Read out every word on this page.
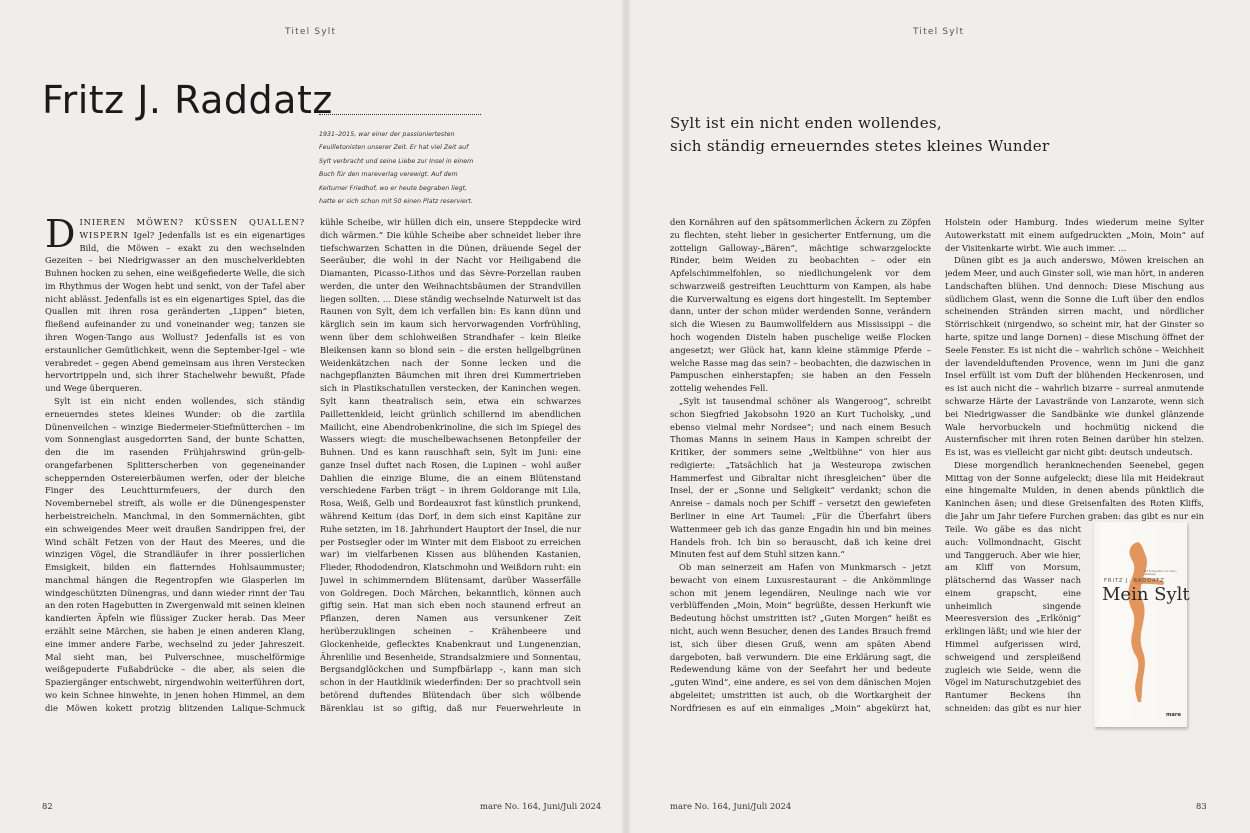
Titel Sylt	Titel Sylt
Fritz J. Raddatz
1931–2015, war einer der passioniertesten Feuilletonisten unserer Zeit. Er hat viel Zeit auf Sylt verbracht und seine Liebe zur Insel in einem Buch für den mareverlag verewigt. Auf dem Keitumer Friedhof, wo er heute begraben liegt, hatte er sich schon mit 50 einen Platz reserviert.
Sylt ist ein nicht enden wollendes,
sich ständig erneuerndes stetes kleines Wunder

DINIEREN MÖWEN? KÜSSEN QUALLEN? WISPERN Igel? Jedenfalls ist es ein eigenartiges Bild, die Möwen – exakt zu den wechselnden Gezeiten – bei Niedrigwasser an den muschelverklebten Buhnen hocken zu sehen, eine weißgefiederte Welle, die sich im Rhythmus der Wogen hebt und senkt, von der Tafel aber nicht ablässt. Jedenfalls ist es ein eigenartiges Spiel, das die Quallen mit ihren rosa geränderten „Lippen“ bieten, fließend aufeinander zu und voneinander weg; tanzen sie ihren Wogen-Tango aus Wollust? Jedenfalls ist es von erstaunlicher Gemütlichkeit, wenn die September-Igel – wie verabredet – gegen Abend gemeinsam aus ihren Verstecken hervortrippeln und, sich ihrer Stachelwehr bewußt, Pfade und Wege überqueren.

Sylt ist ein nicht enden wollendes, sich ständig erneuerndes stetes kleines Wunder: ob die zartlila Dünenveilchen – winzige Biedermeier-Stiefmütterchen – im vom Sonnenglast ausgedorrten Sand, der bunte Schatten, den die im rasenden Frühjahrswind grün-gelb-orangefarbenen Splitterscherben von gegeneinander scheppernden Ostereierbäumen werfen, oder der bleiche Finger des Leuchtturmfeuers, der durch den Novembernebel streift, als wolle er die Dünengespenster herbeistreicheln. Manchmal, in den Sommernächten, gibt ein schweigendes Meer weit draußen Sandrippen frei, der Wind schält Fetzen von der Haut des Meeres, und die winzigen Vögel, die Strandläufer in ihrer possierlichen Emsigkeit, bilden ein flatterndes Hohlsaummuster; manchmal hängen die Regentropfen wie Glasperlen im windgeschützten Dünengras, und dann wieder rinnt der Tau an den roten Hagebutten in Zwergenwald mit seinen kleinen kandierten Äpfeln wie flüssiger Zucker herab. Das Meer erzählt seine Märchen, sie haben je einen anderen Klang, eine immer andere Farbe, wechselnd zu jeder Jahreszeit. Mal sieht man, bei Pulverschnee, muschelförmige weißgepuderte Fußabdrücke – die aber, als seien die Spaziergänger entschwebt, nirgendwohin weiterführen dort, wo kein Schnee hinwehte, in jenen hohen Himmel, an dem die Möwen kokett protzig blitzenden Lalique-Schmuck

kühle Scheibe, wir hüllen dich ein, unsere Steppdecke wird dich wärmen.“ Die kühle Scheibe aber schneidet lieber ihre tiefschwarzen Schatten in die Dünen, dräuende Segel der Seeräuber, die wohl in der Nacht vor Heiligabend die Diamanten, Picasso-Lithos und das Sèvre-Porzellan rauben werden, die unter den Weihnachtsbäumen der Strandvillen liegen sollten. … Diese ständig wechselnde Naturwelt ist das Raunen von Sylt, dem ich verfallen bin: Es kann dünn und kärglich sein im kaum sich hervorwagenden Vorfrühling, wenn über dem schlohweißen Strandhafer – kein Bleike Bleikensen kann so blond sein – die ersten hellgelbgrünen Weidenkätzchen nach der Sonne lecken und die nachgepflanzten Bäumchen mit ihren drei Kummertrieben sich in Plastikschatullen verstecken, der Kaninchen wegen. Sylt kann theatralisch sein, etwa ein schwarzes Paillettenkleid, leicht grünlich schillernd im abendlichen Mailicht, eine Abendrobenkrinoline, die sich im Spiegel des Wassers wiegt: die muschelbewachsenen Betonpfeiler der Buhnen. Und es kann rauschhaft sein, Sylt im Juni: eine ganze Insel duftet nach Rosen, die Lupinen – wohl außer Dahlien die einzige Blume, die an einem Blütenstand verschiedene Farben trägt – in ihrem Goldorange mit Lila, Rosa, Weiß, Gelb und Bordeauxrot fast künstlich prunkend, während Keitum (das Dorf, in dem sich einst Kapitäne zur Ruhe setzten, im 18. Jahrhundert Hauptort der Insel, die nur per Postsegler oder im Winter mit dem Eisboot zu erreichen war) im vielfarbenen Kissen aus blühenden Kastanien, Flieder, Rhododendron, Klatschmohn und Weißdorn ruht: ein Juwel in schimmerndem Blütensamt, darüber Wasserfälle von Goldregen. Doch Märchen, bekanntlich, können auch giftig sein. Hat man sich eben noch staunend erfreut an Pflanzen, deren Namen aus versunkener Zeit herüberzuklingen scheinen – Krähenbeere und Glockenheide, geflecktes Knabenkraut und Lungenenzian, Ährenlilie und Besenheide, Strandsalzmiere und Sonnentau, Bergsandglöckchen und Sumpfbärlapp –, kann man sich schon in der Hautklinik wiederfinden: Der so prachtvoll sein betörend duftendes Blütendach über sich wölbende Bärenklau ist so giftig, daß nur Feuerwehrleute in

den Kornähren auf den spätsommerlichen Äckern zu Zöpfen zu flechten, steht lieber in gesicherter Entfernung, um die zottelign Galloway-„Bären“, mächtige schwarzgelockte Rinder, beim Weiden zu beobachten – oder ein Apfelschimmelfohlen, so niedlichungelenk vor dem schwarzweiß gestreiften Leuchtturm von Kampen, als habe die Kurverwaltung es eigens dort hingestellt. Im September dann, unter der schon müder werdenden Sonne, verändern sich die Wiesen zu Baumwollfeldern aus Mississippi – die hoch wogenden Disteln haben puschelige weiße Flocken angesetzt; wer Glück hat, kann kleine stämmige Pferde – welche Rasse mag das sein? – beobachten, die dazwischen in Pampuschen einherstapfen; sie haben an den Fesseln zottelig wehendes Fell.

„Sylt ist tausendmal schöner als Wangeroog“, schreibt schon Siegfried Jakobsohn 1920 an Kurt Tucholsky, „und ebenso vielmal mehr Nordsee“; und nach einem Besuch Thomas Manns in seinem Haus in Kampen schreibt der Kritiker, der sommers seine „Weltbühne“ von hier aus redigierte: „Tatsächlich hat ja Westeuropa zwischen Hammerfest und Gibraltar nicht ihresgleichen“ über die Insel, der er „Sonne und Seligkeit“ verdankt; schon die Anreise – damals noch per Schiff – versetzt den gewiefeten Berliner in eine Art Taumel: „Für die Überfahrt übers Wattenmeer geb ich das ganze Engadin hin und bin meines Handels froh. Ich bin so berauscht, daß ich keine drei Minuten fest auf dem Stuhl sitzen kann.“

Ob man seinerzeit am Hafen von Munkmarsch – jetzt bewacht von einem Luxusrestaurant – die Ankömmlinge schon mit jenem legendären, Neulinge nach wie vor verblüffenden „Moin, Moin“ begrüßte, dessen Herkunft wie Bedeutung höchst umstritten ist? „Guten Morgen“ heißt es nicht, auch wenn Besucher, denen des Landes Brauch fremd ist, sich über diesen Gruß, wenn am späten Abend dargeboten, baß verwundern. Die eine Erklärung sagt, die Redewendung käme von der Seefahrt her und bedeute „guten Wind“, eine andere, es sei von dem dänischen Mojen abgeleitet; umstritten ist auch, ob die Wortkargheit der Nordfriesen es auf ein einmaliges „Moin“ abgekürzt hat,

Holstein oder Hamburg. Indes wiederum meine Sylter Autowerkstatt mit einem aufgedruckten „Moin, Moin“ auf der Visitenkarte wirbt. Wie auch immer. …

Dünen gibt es ja auch anderswo, Möwen kreischen an jedem Meer, und auch Ginster soll, wie man hört, in anderen Landschaften blühen. Und dennoch: Diese Mischung aus südlichem Glast, wenn die Sonne die Luft über den endlos scheinenden Stränden sirren macht, und nördlicher Störrischkeit (nirgendwo, so scheint mir, hat der Ginster so harte, spitze und lange Dornen) – diese Mischung öffnet der Seele Fenster. Es ist nicht die – wahrlich schöne – Weichheit der lavendelduftenden Provence, wenn im Juni die ganz Insel erfüllt ist vom Duft der blühenden Heckenrosen, und es ist auch nicht die – wahrlich bizarre – surreal anmutende schwarze Härte der Lavastrände von Lanzarote, wenn sich bei Niedrigwasser die Sandbänke wie dunkel glänzende Wale hervorbuckeln und hochmütig nickend die Austernfischer mit ihren roten Beinen darüber hin stelzen. Es ist, was es vielleicht gar nicht gibt: deutsch undeutsch.

Diese morgendlich heranknechenden Seenebel, gegen Mittag von der Sonne aufgeleckt; diese lila mit Heidekraut eine hingemalte Mulden, in denen abends pünktlich die Kaninchen äsen; und diese Greisenfalten des Roten Kliffs, die Jahr um Jahr tiefere Furchen graben: das gibt es nur ein

Teile. Wo gäbe es das nicht auch: Vollmondnacht, Gischt und Tanggeruch. Aber wie hier, am Kliff von Morsum, plätschernd das Wasser nach einem grapscht, eine unheimlich singende Meeresversion des „Erlkönig“ erklingen läßt; und wie hier der Himmel aufgerissen wird, schweigend und zerspleißend zugleich wie Seide, wenn die Vögel im Naturschutzgebiet des Rantumer Beckens ihn schneiden: das gibt es nur hier

Mit Fotografien von Karin Székessy
FRITZ J. RADDATZ
Mein Sylt
mare
82	mare No. 164, Juni/Juli 2024	mare No. 164, Juni/Juli 2024	83
